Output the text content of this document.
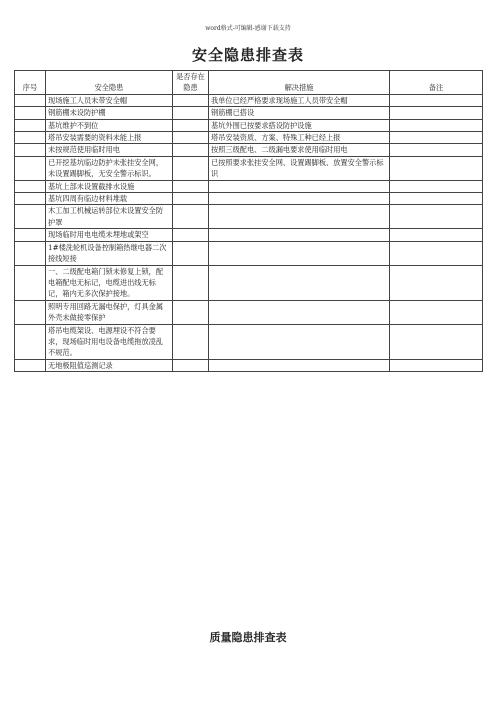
word格式-可编辑-感谢下载支持
安全隐患排查表
序号	安全隐患	是否存在隐患	解决措施	备注
	现场施工人员未带安全帽		我单位已经严格要求现场施工人员带安全帽	
	钢筋棚未设防护棚		钢筋棚已搭设	
	基坑维护不到位		基坑外围已按要求搭设防护设施	
	塔吊安装需要的资料未能上报		塔吊安装资质、方案、特殊工种已经上报	
	未按规范使用临时用电		按照三级配电、二级漏电要求使用临时用电	
	已开挖基坑临边防护未张挂安全网，未设置踢脚板，无安全警示标识。		已按照要求张挂安全网、设置踢脚板、放置安全警示标识	
	基坑上部未设置截排水设施			
	基坑四周有临边材料堆载			
	木工加工机械运转部位未设置安全防护罩			
	现场临时用电电缆未埋地或架空			
	1#楼洗轮机设备控制箱热继电器二次接线短接			
	一、二级配电箱门锁未修复上锁，配电箱配电无标记，电缆进出线无标记，箱内无多次保护接地。			
	照明专用回路无漏电保护，灯具金属外壳未做接零保护			
	塔吊电缆架设、电源埋设不符合要求，现场临时用电设备电缆拖放凌乱不规范。			
	无地极阻值巡测记录			
质量隐患排查表
